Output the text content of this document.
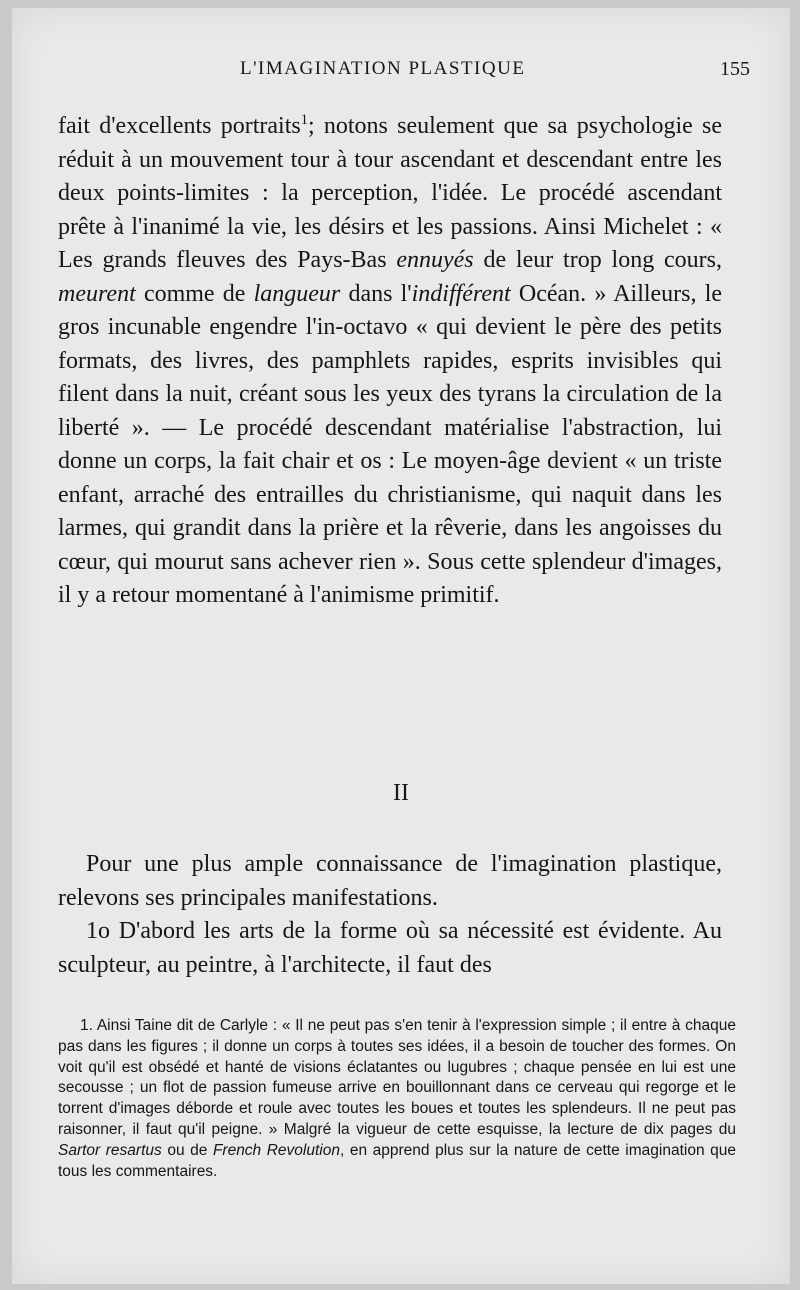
L'IMAGINATION PLASTIQUE	155

fait d'excellents portraits$^1$; notons seulement que sa psychologie se réduit à un mouvement tour à tour ascendant et descendant entre les deux points-limites : la perception, l'idée. Le procédé ascendant prête à l'inanimé la vie, les désirs et les passions. Ainsi Michelet : « Les grands fleuves des Pays-Bas ennuyés de leur trop long cours, meurent comme de langueur dans l'indifférent Océan. » Ailleurs, le gros incunable engendre l'in-octavo « qui devient le père des petits formats, des livres, des pamphlets rapides, esprits invisibles qui filent dans la nuit, créant sous les yeux des tyrans la circulation de la liberté ». — Le procédé descendant matérialise l'abstraction, lui donne un corps, la fait chair et os : Le moyen-âge devient « un triste enfant, arraché des entrailles du christianisme, qui naquit dans les larmes, qui grandit dans la prière et la rêverie, dans les angoisses du cœur, qui mourut sans achever rien ». Sous cette splendeur d'images, il y a retour momentané à l'animisme primitif.

II

Pour une plus ample connaissance de l'imagination plastique, relevons ses principales manifestations.

1o D'abord les arts de la forme où sa nécessité est évidente. Au sculpteur, au peintre, à l'architecte, il faut des

1. Ainsi Taine dit de Carlyle : « Il ne peut pas s'en tenir à l'expression simple ; il entre à chaque pas dans les figures ; il donne un corps à toutes ses idées, il a besoin de toucher des formes. On voit qu'il est obsédé et hanté de visions éclatantes ou lugubres ; chaque pensée en lui est une secousse ; un flot de passion fumeuse arrive en bouillonnant dans ce cerveau qui regorge et le torrent d'images déborde et roule avec toutes les boues et toutes les splendeurs. Il ne peut pas raisonner, il faut qu'il peigne. » Malgré la vigueur de cette esquisse, la lecture de dix pages du Sartor resartus ou de French Revolution, en apprend plus sur la nature de cette imagination que tous les commentaires.
